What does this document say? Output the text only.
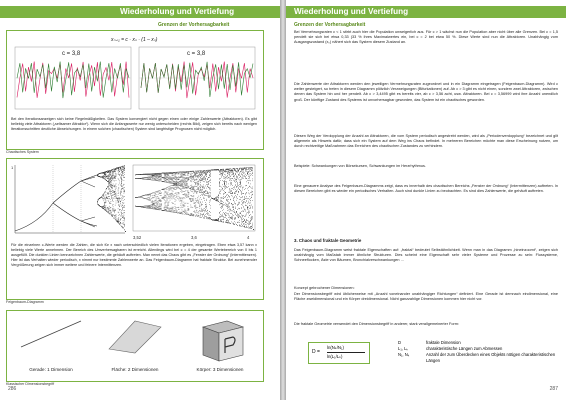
Wiederholung und Vertiefung
Grenzen der Vorhersagbarkeit
xₙ₊₁ = c · xₙ · (1 – xₙ)
c = 3,8	c = 3,8
Bei den Iterationsanzeigen sich keine Regelmäßigkeiten. Das System konvergiert nicht gegen einen oder einige Zahlenwerte (Attraktoren). Es gibt beliebig viele Attraktoren („seltsamer Attraktor“). Wenn sich die Anfangswerte nur wenig unterscheiden (rechts Bild), zeigen sich bereits nach wenigen Iterationsschritten deutliche Abweichungen. In einem solchen (chaotischen) System sind langfristige Prognosen nicht möglich.
Chaotisches System
1
3,52	3,6	4
Für die einzelnen c-Werte werden die Zahlen, die sich für x nach unterschiedlich vielen Iterationen ergeben, eingetragen. Eben etwa 3,57 kann x beliebig viele Werte annehmen. Der Bereich des Umverhersagbaren ist erreicht. Allerdings wird bei c = 4 der gesamte Wertebereich von 0 bis 1 ausgefüllt. Die dunklen Linien kennzeichnen Zahlenwerte, die gehäuft auftreten. Man nennt das Chaos gibt es „Fenster der Ordnung“ (Intermittenzen). Hier ist das Verhalten wieder periodisch, x nimmt nur bestimmte Zahlenwerte an. Das Feigenbaum-Diagramm hat fraktale Struktur. Bei zunehmender Vergrößerung zeigen sich immer weitere und feinere Intermittenzen.
Feigenbaum-Diagramm
Gerade: 1 Dimension	Fläche: 2 Dimensionen	Körper: 3 Dimensionen
Klassischer Dimensionsbegriff
286
Wiederholung und Vertiefung
Grenzen der Vorhersagbarkeit

Bei Vermehrungsraten c < 1 stirbt auch hier die Population unweigerlich aus. Für c > 1 wächst nun die Population aber nicht über alle Grenzen. Bei c = 1,5 pendelt sie sich bei etwa 0,33 (33 % ihres Maximalwertes ein, bei c = 2 bei etwa 50 %. Diese Werte sind nun die Attraktoren. Unabhängig vom Ausgangszustand (x₀) nähert sich das System diesem Zustand an.

Die Zahlenwerte der Attraktoren werden den jeweiligen Vermehrungsraten zugeordnet und in ein Diagramm eingetragen (Feigenbaum-Diagramm). Wird c weiter gesteigert, so treten in diesem Diagramm plötzlich Verzweigungen (Bifurkationen) auf. Ab c > 3 gibt es nicht einen, sondern zwei Attraktoren, zwischen denen das System hin und her pendelt. Ab c > 3,4495 gibt es bereits vier, ab c > 3,56 acht, usw. Attraktoren. Bei c = 3,56999 wird ihre Anzahl unendlich groß. Der künftige Zustand des Systems ist unvorhersagbar geworden, das System ist ein chaotisches geworden.

Diesen Weg der Verdopplung der Anzahl an Attraktoren, die vom System periodisch angestrebt werden, wird als „Periodenverdopplung“ bezeichnet und gilt allgemein als Hinweis dafür, dass sich ein System auf dem Weg ins Chaos befindet. In mehreren Bereichen möchte man diese Erscheinung nutzen, um durch rechtzeitige Maßnahmen das Erreichen des chaotischen Zustandes zu verhindern.

Beispiele: Schwankungen von Börsekursen, Schwankungen im Herzrhythmus.

Eine genauere Analyse des Feigenbaum-Diagramms zeigt, dass es innerhalb des chaotischen Bereichs „Fenster der Ordnung“ (Intermittenzen) auftreten. In diesen Bereichen gibt es wieder ein periodisches Verhalten. Auch sind dunkle Linien zu beobachten. Es sind dies Zahlenwerte, die gehäuft auftreten.

3. Chaos und fraktale Geometrie

Das Feigenbaum-Diagramm weist fraktale Eigenschaften auf: „fraktal“ bedeutet Selbstähnlichkeit. Wenn man in das Diagramm „hineinzoomt“, zeigen sich unabhängig vom Maßstab immer ähnliche Strukturen. Dies scheint eine Eigenschaft sehr vieler Systeme und Prozesse zu sein: Flussysteme, Schneeflocken, Äste von Bäumen, Bronchialverschwankungen …

Konzept gebrochener Dimensionen:

Der Dimensionsbegriff wird üblicherweise mit „Anzahl voneinander unabhängiger Richtungen“ definiert. Eine Gerade ist demnach eindimensional, eine Fläche zweidimensional und ein Körper dreidimensional. Nicht ganzzahlige Dimensionen kommen hier nicht vor.

Die fraktale Geometrie verwendet den Dimensionsbegriff in anderer, stark verallgemeinerter Form:

D =
ln(Nₖ/N₁)
ln(L₁/Lₖ)
D	fraktale Dimension
L₁, Lₖ	charakteristische Längen zum Abmessen
N₁, Nₖ	Anzahl der zum Überdecken eines Objekts nötigen charakteristischen Längen
287
